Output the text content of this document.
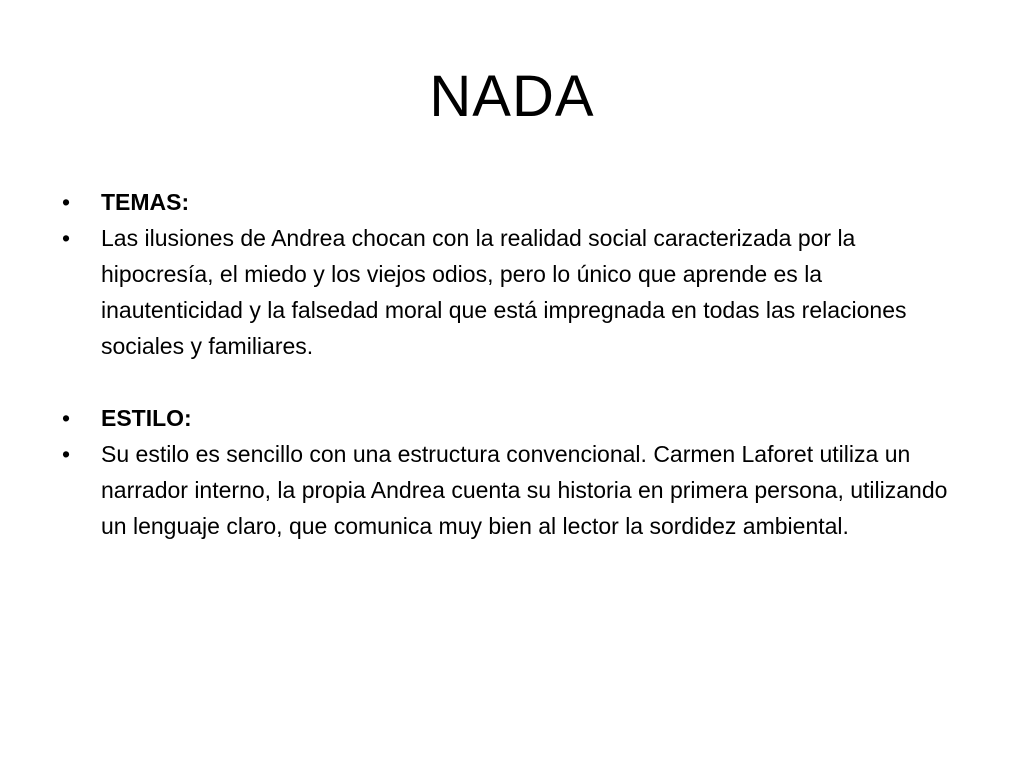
NADA
•	TEMAS:
•	Las ilusiones de Andrea chocan con la realidad social caracterizada por la hipocresía, el miedo y los viejos odios, pero lo único que aprende es la inautenticidad y la falsedad moral que está impregnada en todas las relaciones sociales y familiares.
•	ESTILO:
•	Su estilo es sencillo con una estructura convencional. Carmen Laforet utiliza un narrador interno, la propia Andrea cuenta su historia en primera persona, utilizando un lenguaje claro, que comunica muy bien al lector la sordidez ambiental.
